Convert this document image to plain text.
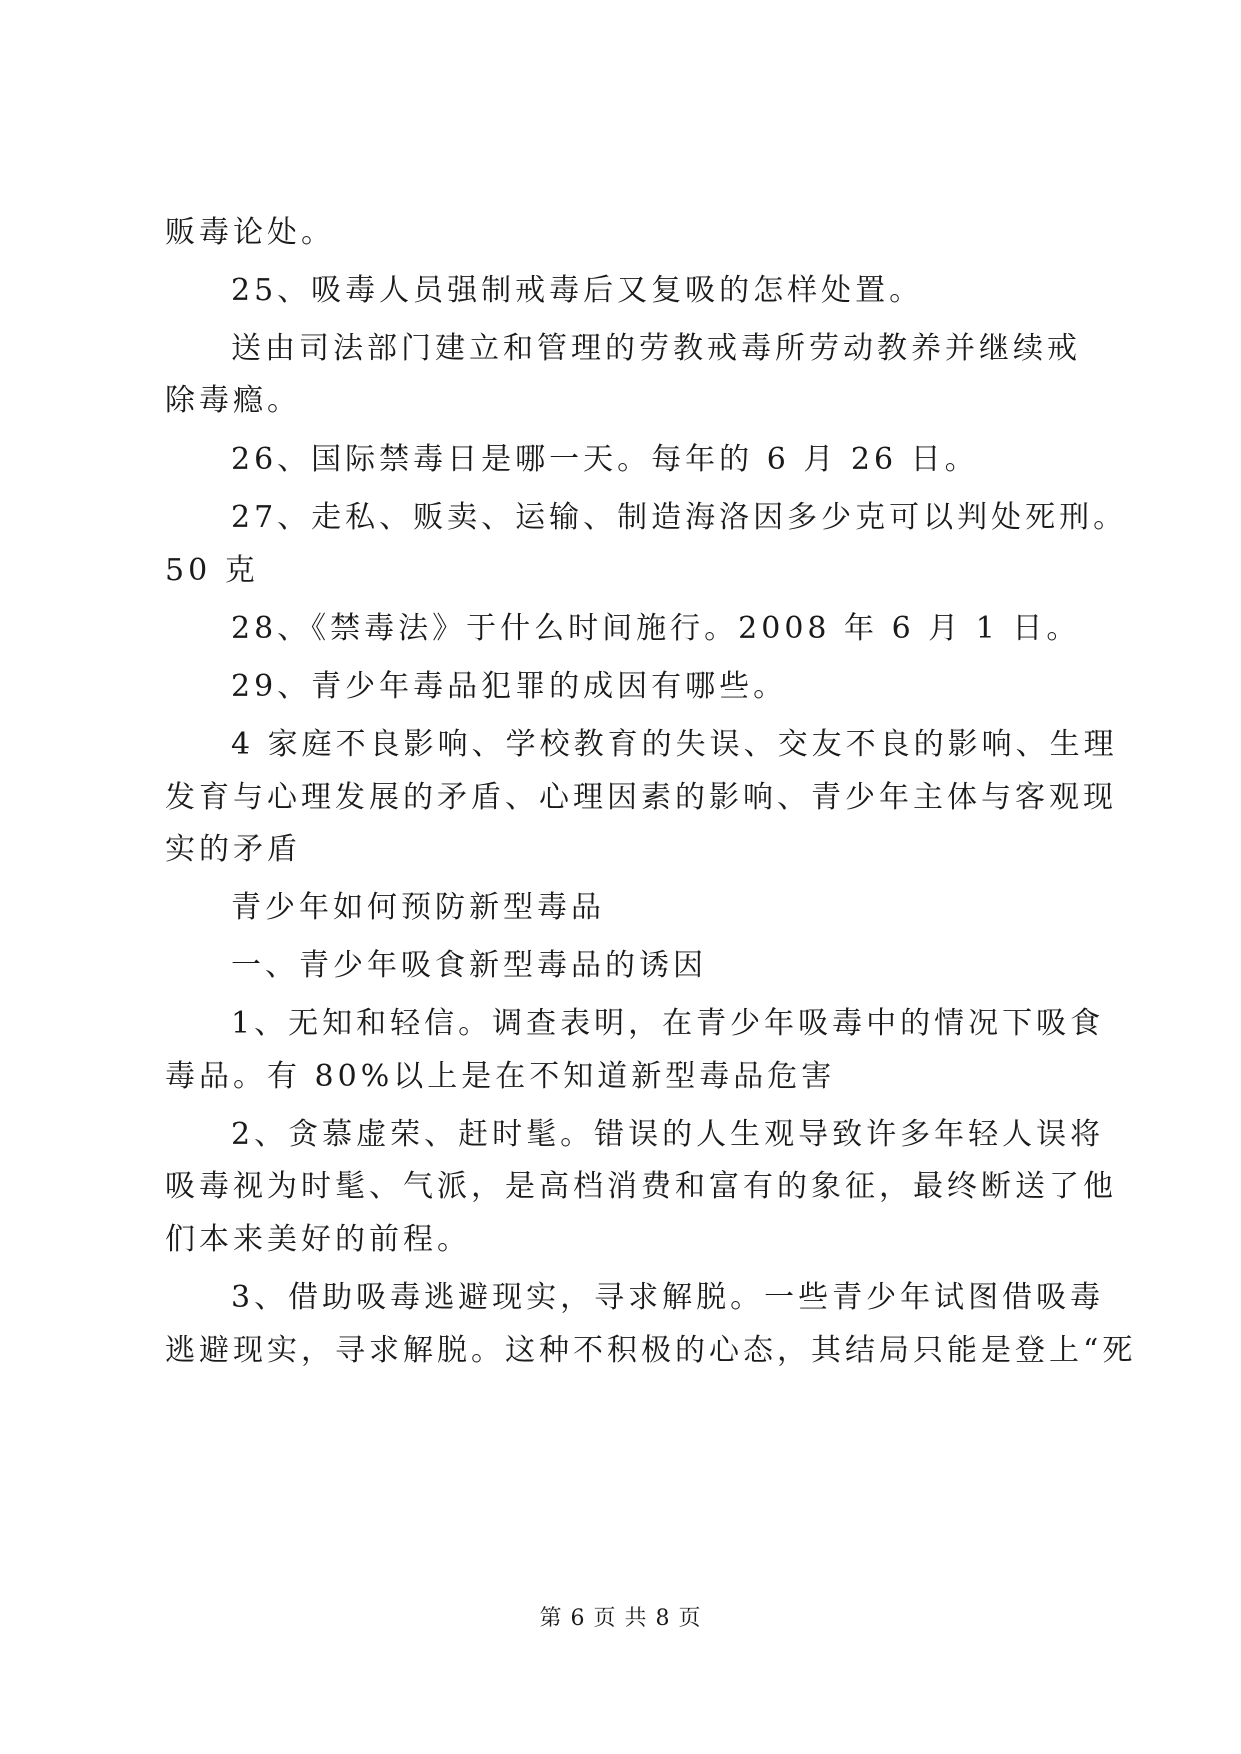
贩毒论处。
25、吸毒人员强制戒毒后又复吸的怎样处置。
送由司法部门建立和管理的劳教戒毒所劳动教养并继续戒
除毒瘾。
26、国际禁毒日是哪一天。每年的 6 月 26 日。
27、走私、贩卖、运输、制造海洛因多少克可以判处死刑。
50 克
28、《禁毒法》于什么时间施行。2008 年 6 月 1 日。
29、青少年毒品犯罪的成因有哪些。
4 家庭不良影响、学校教育的失误、交友不良的影响、生理
发育与心理发展的矛盾、心理因素的影响、青少年主体与客观现
实的矛盾
青少年如何预防新型毒品
一、青少年吸食新型毒品的诱因
1、无知和轻信。调查表明，在青少年吸毒中的情况下吸食
毒品。有 80%以上是在不知道新型毒品危害
2、贪慕虚荣、赶时髦。错误的人生观导致许多年轻人误将
吸毒视为时髦、气派，是高档消费和富有的象征，最终断送了他
们本来美好的前程。
3、借助吸毒逃避现实，寻求解脱。一些青少年试图借吸毒
逃避现实，寻求解脱。这种不积极的心态，其结局只能是登上“死
第 6 页 共 8 页
